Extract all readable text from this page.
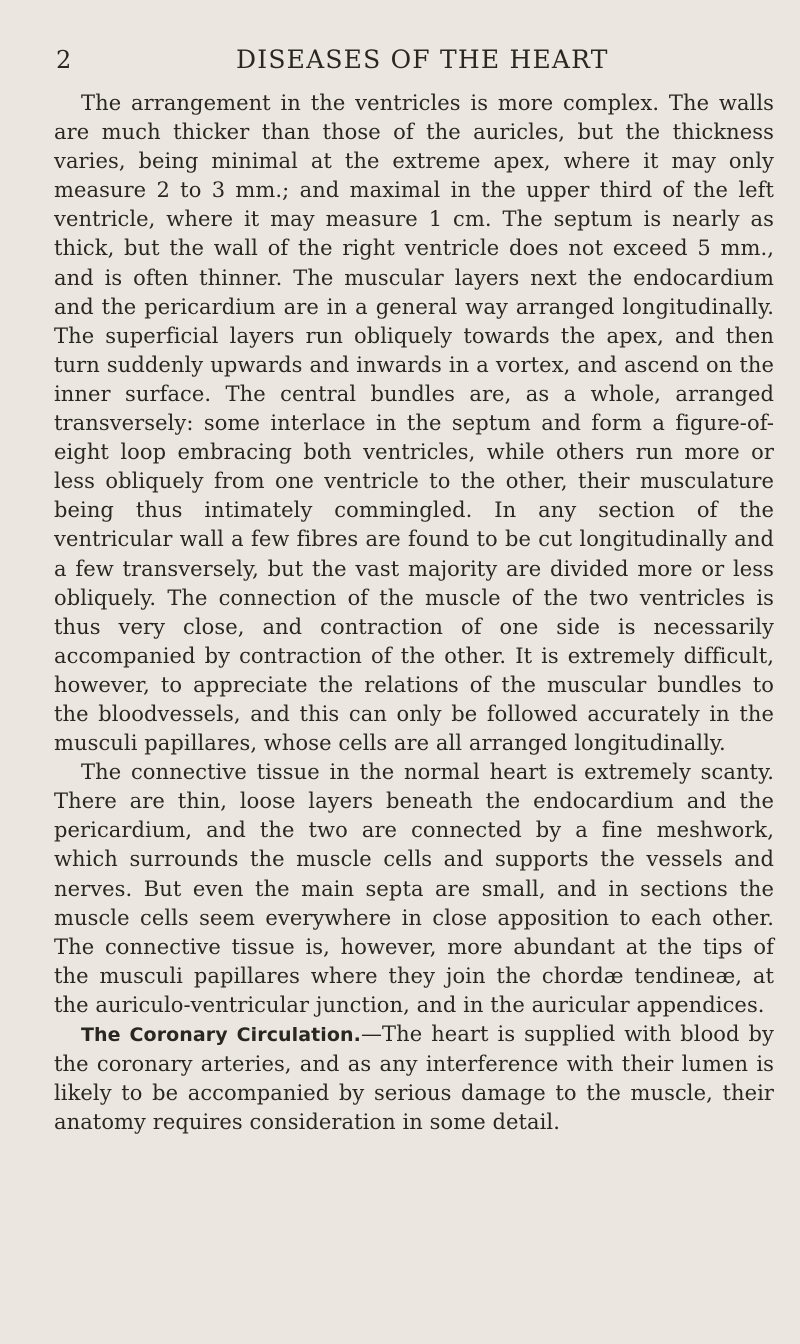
2	DISEASES OF THE HEART

The arrangement in the ventricles is more complex. The walls are much thicker than those of the auricles, but the thickness varies, being minimal at the extreme apex, where it may only measure 2 to 3 mm.; and maximal in the upper third of the left ventricle, where it may measure 1 cm. The septum is nearly as thick, but the wall of the right ventricle does not exceed 5 mm., and is often thinner. The muscular layers next the endocardium and the pericardium are in a general way arranged longitudinally. The superficial layers run obliquely towards the apex, and then turn suddenly upwards and inwards in a vortex, and ascend on the inner surface. The central bundles are, as a whole, arranged transversely: some interlace in the septum and form a figure-of-eight loop embracing both ventricles, while others run more or less obliquely from one ventricle to the other, their musculature being thus intimately commingled. In any section of the ventricular wall a few fibres are found to be cut longitudinally and a few transversely, but the vast majority are divided more or less obliquely. The connection of the muscle of the two ventricles is thus very close, and contraction of one side is necessarily accompanied by contraction of the other. It is extremely difficult, however, to appreciate the relations of the muscular bundles to the bloodvessels, and this can only be followed accurately in the musculi papillares, whose cells are all arranged longitudinally.

The connective tissue in the normal heart is extremely scanty. There are thin, loose layers beneath the endocardium and the pericardium, and the two are connected by a fine meshwork, which surrounds the muscle cells and supports the vessels and nerves. But even the main septa are small, and in sections the muscle cells seem everywhere in close apposition to each other. The connective tissue is, however, more abundant at the tips of the musculi papillares where they join the chordæ tendineæ, at the auriculo-ventricular junction, and in the auricular appendices.

The Coronary Circulation.—The heart is supplied with blood by the coronary arteries, and as any interference with their lumen is likely to be accompanied by serious damage to the muscle, their anatomy requires consideration in some detail.
